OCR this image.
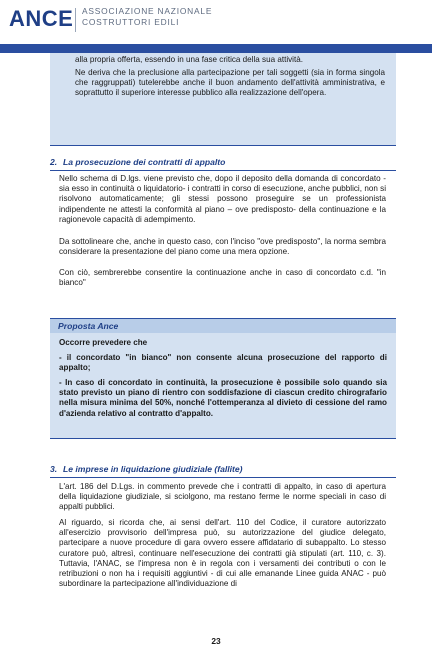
ANCE ASSOCIAZIONE NAZIONALE
COSTRUTTORI EDILI

alla propria offerta, essendo in una fase critica della sua attività.

Ne deriva che la preclusione alla partecipazione per tali soggetti (sia in forma singola che raggruppati) tutelerebbe anche il buon andamento dell'attività amministrativa, e soprattutto il superiore interesse pubblico alla realizzazione dell'opera.

2. La prosecuzione dei contratti di appalto

Nello schema di D.lgs. viene previsto che, dopo il deposito della domanda di concordato - sia esso in continuità o liquidatorio- i contratti in corso di esecuzione, anche pubblici, non si risolvono automaticamente; gli stessi possono proseguire se un professionista indipendente ne attesti la conformità al piano – ove predisposto- della continuazione e la ragionevole capacità di adempimento.

Da sottolineare che, anche in questo caso, con l'inciso "ove predisposto", la norma sembra considerare la presentazione del piano come una mera opzione.

Con ciò, sembrerebbe consentire la continuazione anche in caso di concordato c.d. "in bianco"

Proposta Ance

Occorre prevedere che

- il concordato "in bianco" non consente alcuna prosecuzione del rapporto di appalto;

- In caso di concordato in continuità, la prosecuzione è possibile solo quando sia stato previsto un piano di rientro con soddisfazione di ciascun credito chirografario nella misura minima del 50%, nonché l'ottemperanza al divieto di cessione del ramo d'azienda relativo al contratto d'appalto.

3. Le imprese in liquidazione giudiziale (fallite)

L'art. 186 del D.Lgs. in commento prevede che i contratti di appalto, in caso di apertura della liquidazione giudiziale, si sciolgono, ma restano ferme le norme speciali in caso di appalti pubblici.

Al riguardo, si ricorda che, ai sensi dell'art. 110 del Codice, il curatore autorizzato all'esercizio provvisorio dell'impresa può, su autorizzazione del giudice delegato, partecipare a nuove procedure di gara ovvero essere affidatario di subappalto. Lo stesso curatore può, altresì, continuare nell'esecuzione dei contratti già stipulati (art. 110, c. 3). Tuttavia, l'ANAC, se l'impresa non è in regola con i versamenti dei contributi o con le retribuzioni o non ha i requisiti aggiuntivi - di cui alle emanande Linee guida ANAC - può subordinare la partecipazione all'individuazione di

23
